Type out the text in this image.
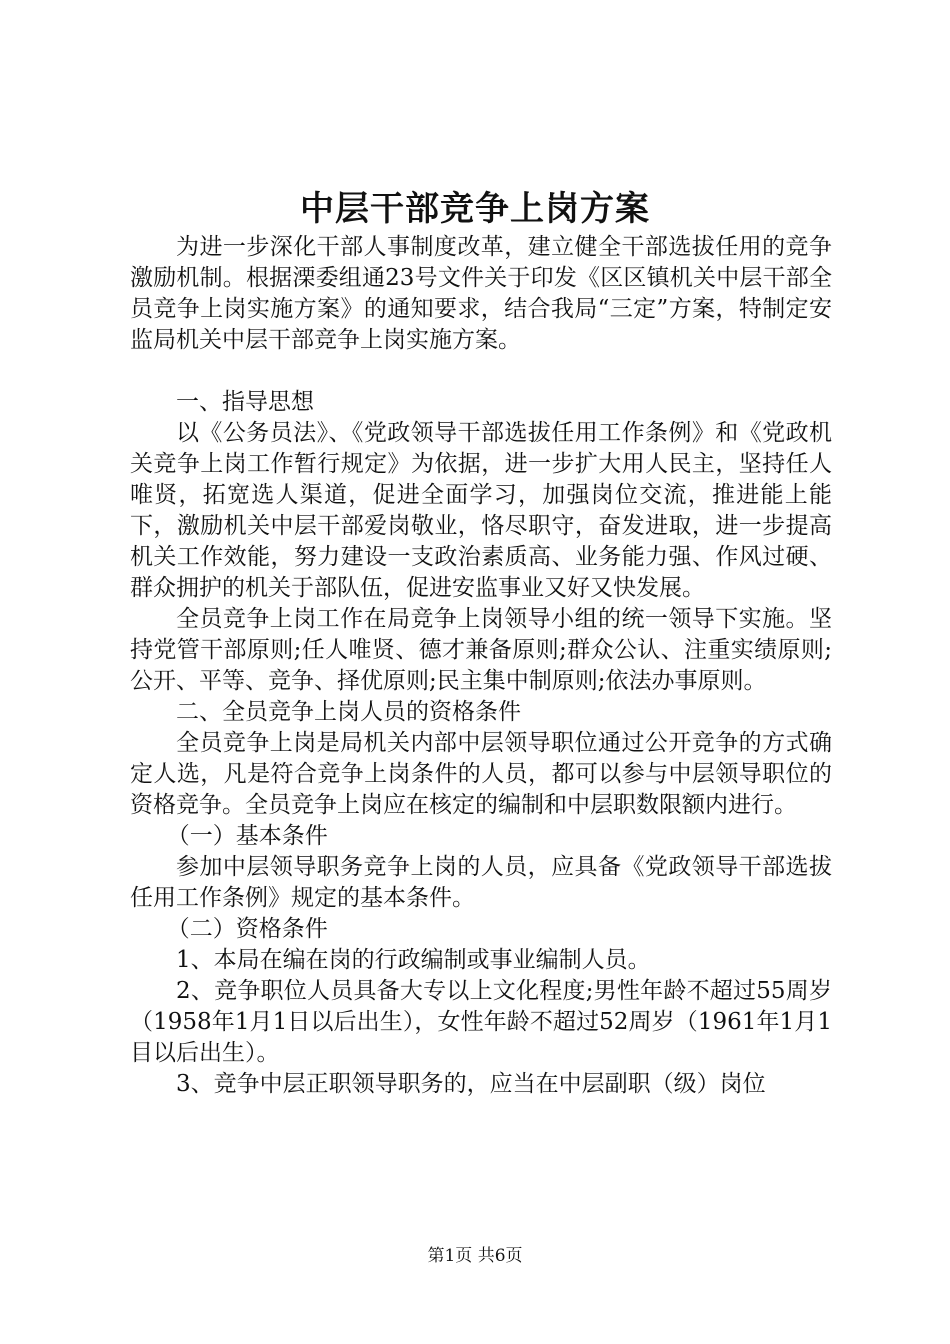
中层干部竞争上岗方案

为进一步深化干部人事制度改革，建立健全干部选拔任用的竞争激励机制。根据溧委组通23号文件关于印发《区区镇机关中层干部全员竞争上岗实施方案》的通知要求，结合我局“三定”方案，特制定安监局机关中层干部竞争上岗实施方案。

一、指导思想

以《公务员法》、《党政领导干部选拔任用工作条例》和《党政机关竞争上岗工作暂行规定》为依据，进一步扩大用人民主，坚持任人唯贤，拓宽选人渠道，促进全面学习，加强岗位交流，推进能上能下，激励机关中层干部爱岗敬业，恪尽职守，奋发进取，进一步提高机关工作效能，努力建设一支政治素质高、业务能力强、作风过硬、群众拥护的机关于部队伍，促进安监事业又好又快发展。

全员竞争上岗工作在局竞争上岗领导小组的统一领导下实施。坚持党管干部原则;任人唯贤、德才兼备原则;群众公认、注重实绩原则;公开、平等、竞争、择优原则;民主集中制原则;依法办事原则。

二、全员竞争上岗人员的资格条件

全员竞争上岗是局机关内部中层领导职位通过公开竞争的方式确定人选，凡是符合竞争上岗条件的人员，都可以参与中层领导职位的资格竞争。全员竞争上岗应在核定的编制和中层职数限额内进行。

（一）基本条件

参加中层领导职务竞争上岗的人员，应具备《党政领导干部选拔任用工作条例》规定的基本条件。

（二）资格条件

1、本局在编在岗的行政编制或事业编制人员。

2、竞争职位人员具备大专以上文化程度;男性年龄不超过55周岁（1958年1月1日以后出生），女性年龄不超过52周岁（1961年1月1目以后出生）。

3、竞争中层正职领导职务的，应当在中层副职（级）岗位

第1页 共6页
